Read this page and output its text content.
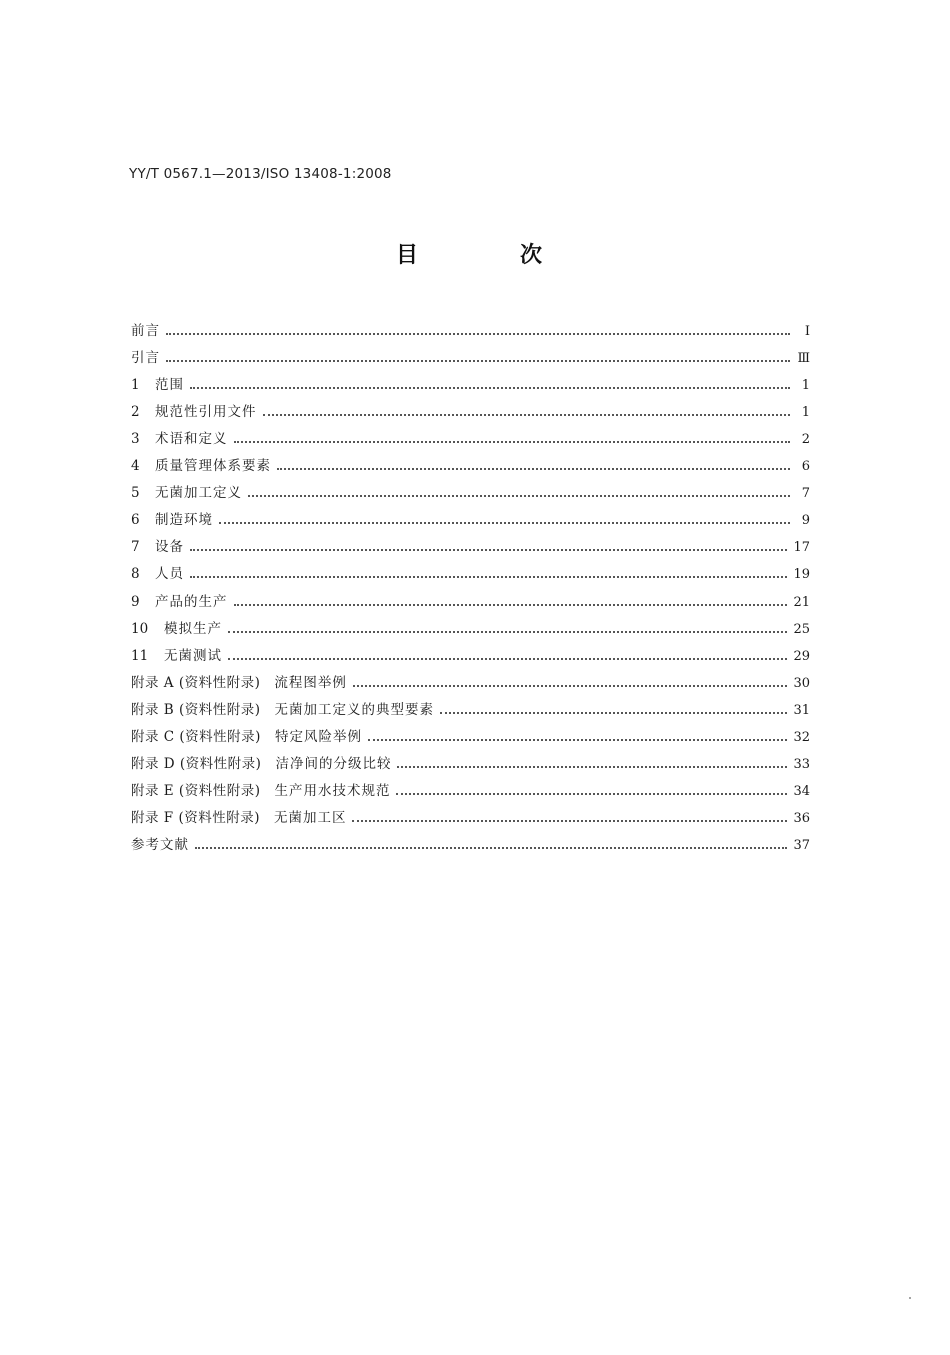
YY/T 0567.1—2013/ISO 13408-1:2008
目　次
前言	Ⅰ
引言	Ⅲ
1	范围	1
2	规范性引用文件	1
3	术语和定义	2
4	质量管理体系要素	6
5	无菌加工定义	7
6	制造环境	9
7	设备	17
8	人员	19
9	产品的生产	21
10	模拟生产	25
11	无菌测试	29
附录 A (资料性附录) 流程图举例	30
附录 B (资料性附录) 无菌加工定义的典型要素	31
附录 C (资料性附录) 特定风险举例	32
附录 D (资料性附录) 洁净间的分级比较	33
附录 E (资料性附录) 生产用水技术规范	34
附录 F (资料性附录) 无菌加工区	36
参考文献	37
